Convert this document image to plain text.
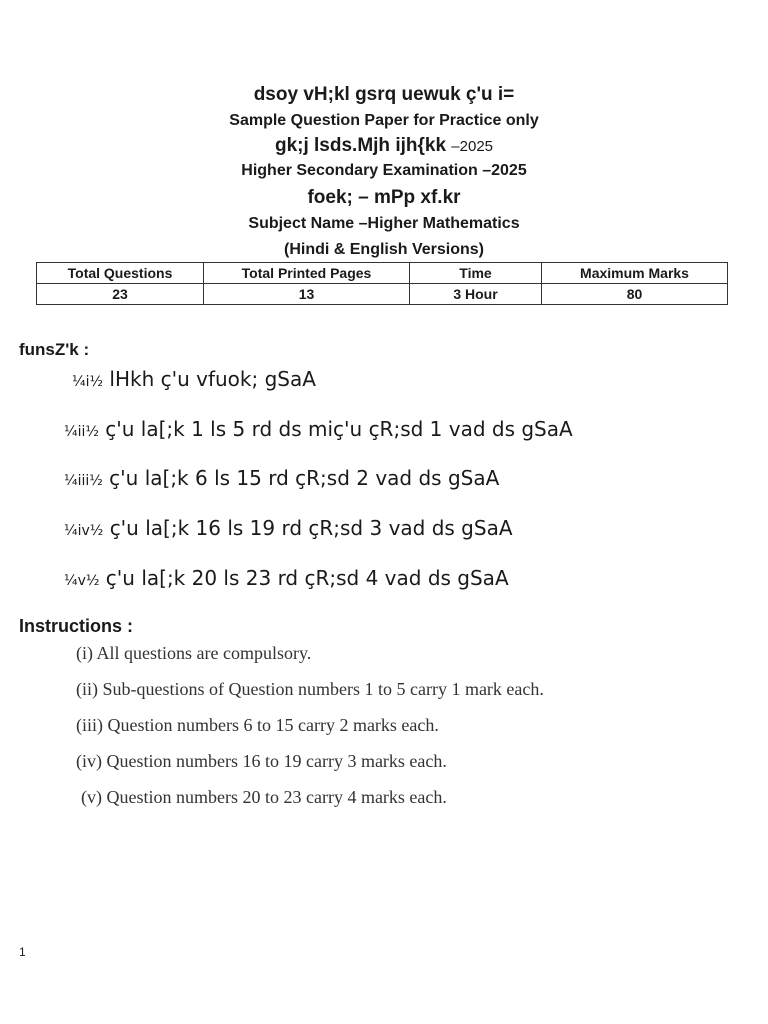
dsoy vH;kl gsrq uewuk ç'u i=
Sample Question Paper for Practice only
gk;j lsds.Mjh ijh{kk –2025
Higher Secondary Examination –2025
foek; – mPp xf.kr
Subject Name –Higher Mathematics
(Hindi & English Versions)
Total Questions	Total Printed Pages	Time	Maximum Marks
23	13	3 Hour	80
funsZ'k :
¼i½ lHkh ç'u vfuok; gSaA
¼ii½ ç'u la[;k 1 ls 5 rd ds miç'u çR;sd 1 vad ds gSaA
¼iii½ ç'u la[;k 6 ls 15 rd çR;sd 2 vad ds gSaA
¼iv½ ç'u la[;k 16 ls 19 rd çR;sd 3 vad ds gSaA
¼v½ ç'u la[;k 20 ls 23 rd çR;sd 4 vad ds gSaA
Instructions :
(i) All questions are compulsory.
(ii) Sub-questions of Question numbers 1 to 5 carry 1 mark each.
(iii) Question numbers 6 to 15 carry 2 marks each.
(iv) Question numbers 16 to 19 carry 3 marks each.
(v) Question numbers 20 to 23 carry 4 marks each.
1
